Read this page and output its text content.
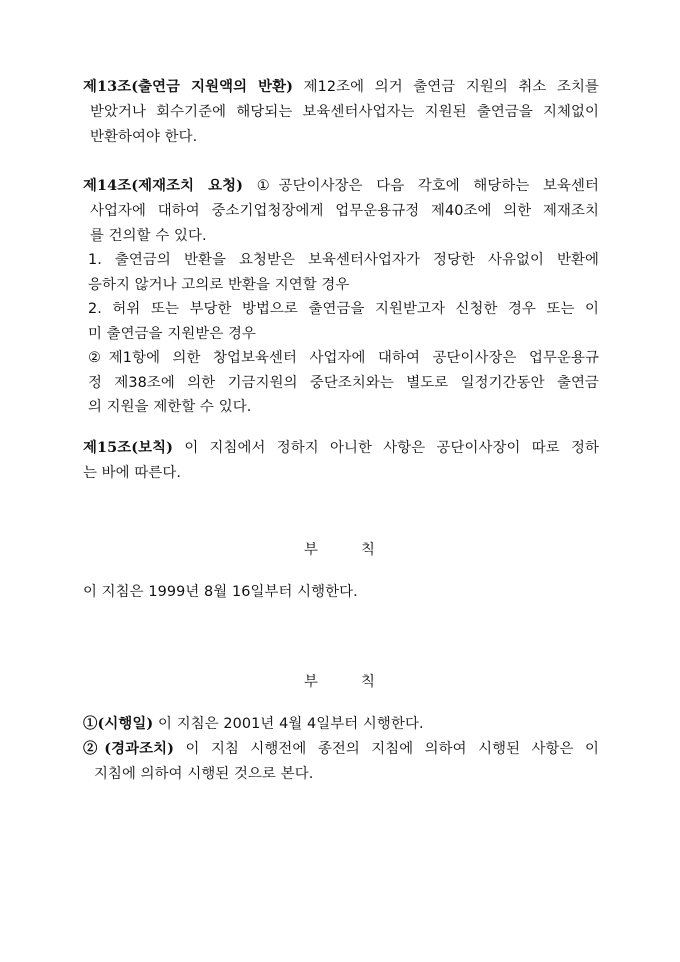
제13조(출연금 지원액의 반환) 제12조에 의거 출연금 지원의 취소 조치를
받았거나 회수기준에 해당되는 보육센터사업자는 지원된 출연금을 지체없이
반환하여야 한다.
제14조(제재조치 요청) ①공단이사장은 다음 각호에 해당하는 보육센터
사업자에 대하여 중소기업청장에게 업무운용규정 제40조에 의한 제재조치
를 건의할 수 있다.
1. 출연금의 반환을 요청받은 보육센터사업자가 정당한 사유없이 반환에
응하지 않거나 고의로 반환을 지연할 경우
2. 허위 또는 부당한 방법으로 출연금을 지원받고자 신청한 경우 또는 이
미 출연금을 지원받은 경우
②제1항에 의한 창업보육센터 사업자에 대하여 공단이사장은 업무운용규
정 제38조에 의한 기금지원의 중단조치와는 별도로 일정기간동안 출연금
의 지원을 제한할 수 있다.
제15조(보칙) 이 지침에서 정하지 아니한 사항은 공단이사장이 따로 정하
는 바에 따른다.
부	칙
이 지침은 1999년 8월 16일부터 시행한다.
부	칙
①(시행일) 이 지침은 2001년 4월 4일부터 시행한다.
②(경과조치) 이 지침 시행전에 종전의 지침에 의하여 시행된 사항은 이
지침에 의하여 시행된 것으로 본다.
